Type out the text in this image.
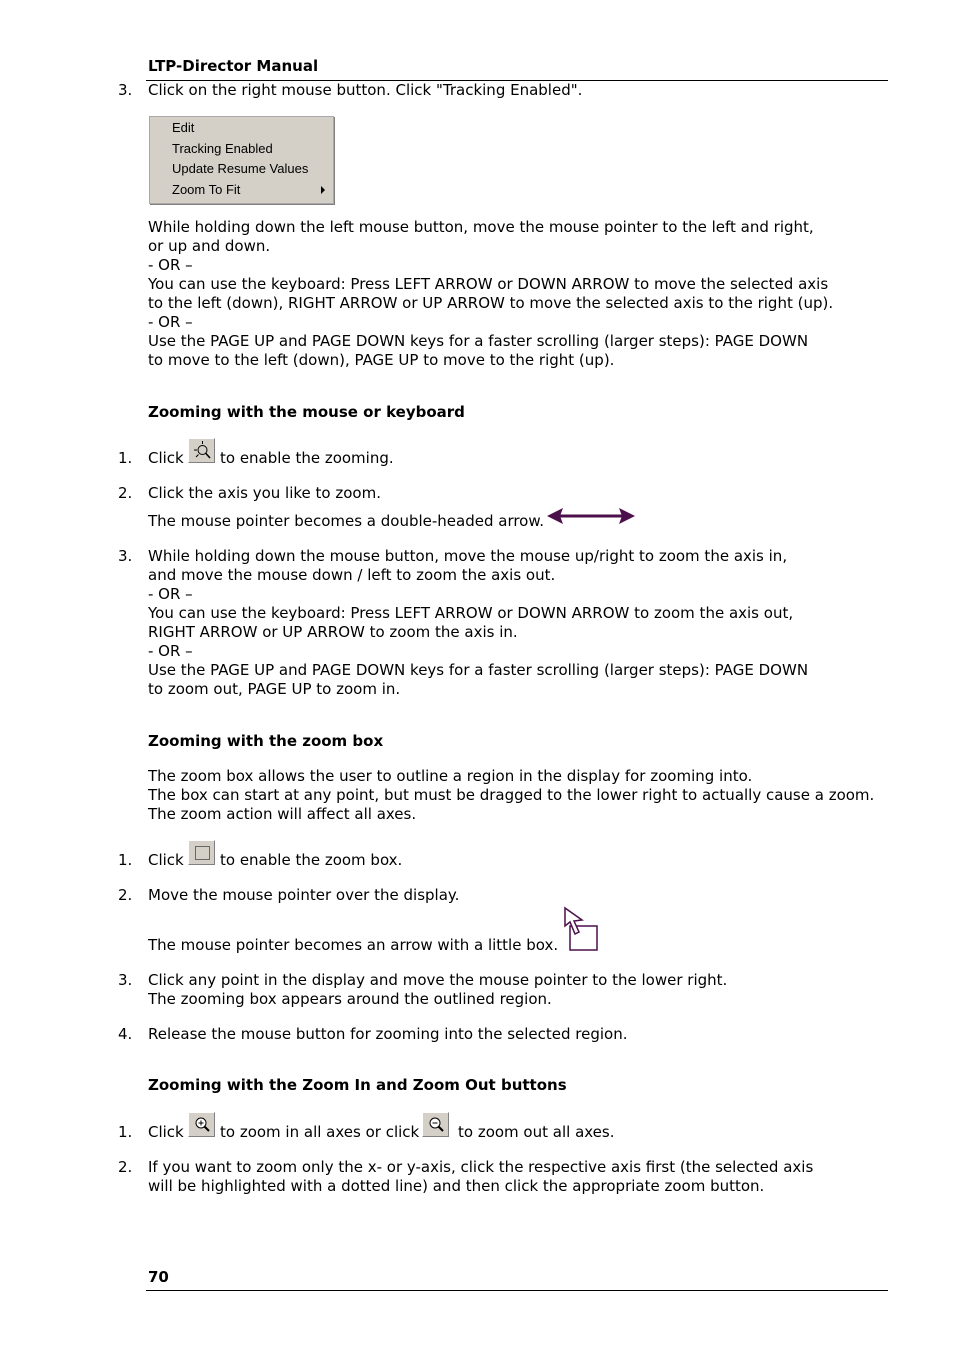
LTP-Director Manual
3. Click on the right mouse button. Click "Tracking Enabled".
Edit
Tracking Enabled
Update Resume Values
Zoom To Fit
While holding down the left mouse button, move the mouse pointer to the left and right,
or up and down.
- OR –
You can use the keyboard: Press LEFT ARROW or DOWN ARROW to move the selected axis
to the left (down), RIGHT ARROW or UP ARROW to move the selected axis to the right (up).
- OR –
Use the PAGE UP and PAGE DOWN keys for a faster scrolling (larger steps): PAGE DOWN
to move to the left (down), PAGE UP to move to the right (up).
Zooming with the mouse or keyboard
1. Click to enable the zooming.
2. Click the axis you like to zoom.
The mouse pointer becomes a double-headed arrow.
3. While holding down the mouse button, move the mouse up/right to zoom the axis in,
and move the mouse down / left to zoom the axis out.
- OR –
You can use the keyboard: Press LEFT ARROW or DOWN ARROW to zoom the axis out,
RIGHT ARROW or UP ARROW to zoom the axis in.
- OR –
Use the PAGE UP and PAGE DOWN keys for a faster scrolling (larger steps): PAGE DOWN
to zoom out, PAGE UP to zoom in.
Zooming with the zoom box
The zoom box allows the user to outline a region in the display for zooming into.
The box can start at any point, but must be dragged to the lower right to actually cause a zoom.
The zoom action will affect all axes.
1. Click to enable the zoom box.
2. Move the mouse pointer over the display.
The mouse pointer becomes an arrow with a little box.
3. Click any point in the display and move the mouse pointer to the lower right.
The zooming box appears around the outlined region.
4. Release the mouse button for zooming into the selected region.
Zooming with the Zoom In and Zoom Out buttons
1. Click to zoom in all axes or click	to zoom out all axes.
2. If you want to zoom only the x- or y-axis, click the respective axis first (the selected axis
will be highlighted with a dotted line) and then click the appropriate zoom button.
70
